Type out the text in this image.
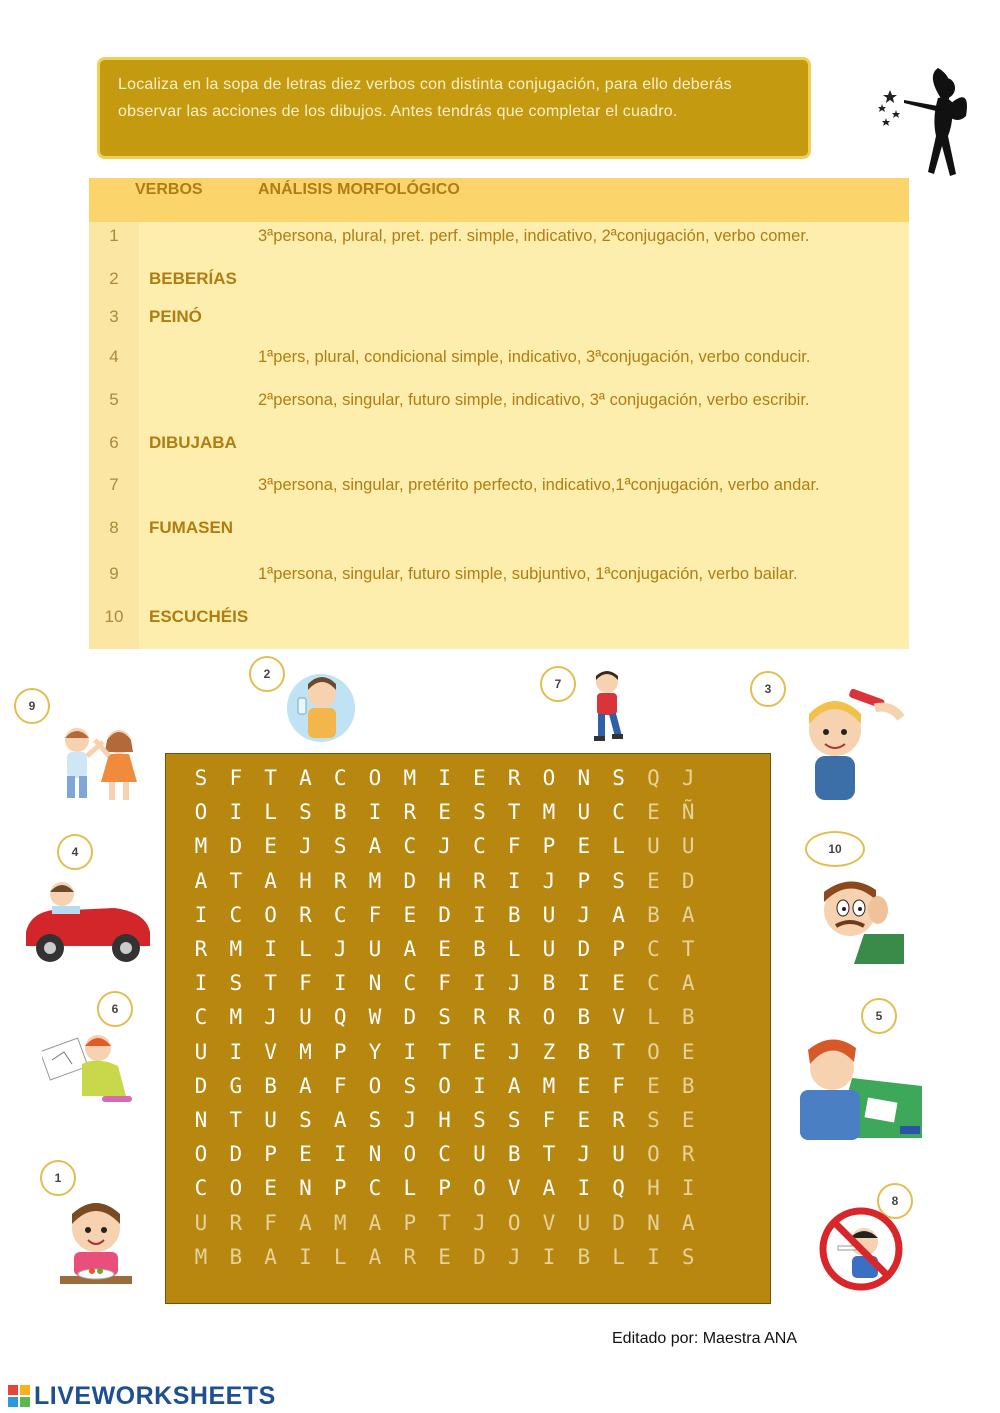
Localiza en la sopa de letras diez verbos con distinta conjugación, para ello deberás observar las acciones de los dibujos. Antes tendrás que completar el cuadro.
VERBOS	ANÁLISIS MORFOLÓGICO
1	3ªpersona, plural, pret. perf. simple, indicativo, 2ªconjugación, verbo comer.
2	BEBERÍAS
3	PEINÓ
4	1ªpers, plural, condicional simple, indicativo, 3ªconjugación, verbo conducir.
5	2ªpersona, singular, futuro simple, indicativo, 3ª conjugación, verbo escribir.
6	DIBUJABA
7	3ªpersona, singular, pretérito perfecto, indicativo,1ªconjugación, verbo andar.
8	FUMASEN
9	1ªpersona, singular, futuro simple, subjuntivo, 1ªconjugación, verbo bailar.
10	ESCUCHÉIS
S	F	T	A	C	O	M	I	E	R	O	N	S	Q	J
O	I	L	S	B	I	R	E	S	T	M	U	C	E	Ñ
M	D	E	J	S	A	C	J	C	F	P	E	L	U	U
A	T	A	H	R	M	D	H	R	I	J	P	S	E	D
I	C	O	R	C	F	E	D	I	B	U	J	A	B	A
R	M	I	L	J	U	A	E	B	L	U	D	P	C	T
I	S	T	F	I	N	C	F	I	J	B	I	E	C	A
C	M	J	U	Q	W	D	S	R	R	O	B	V	L	B
U	I	V	M	P	Y	I	T	E	J	Z	B	T	O	E
D	G	B	A	F	O	S	O	I	A	M	E	F	E	B
N	T	U	S	A	S	J	H	S	S	F	E	R	S	E
O	D	P	E	I	N	O	C	U	B	T	J	U	O	R
C	O	E	N	P	C	L	P	O	V	A	I	Q	H	I
U	R	F	A	M	A	P	T	J	O	V	U	D	N	A
M	B	A	I	L	A	R	E	D	J	I	B	L	I	S
2
7	3
9
4	10
6	5
1
8
Editado por: Maestra ANA
LIVEWORKSHEETS
